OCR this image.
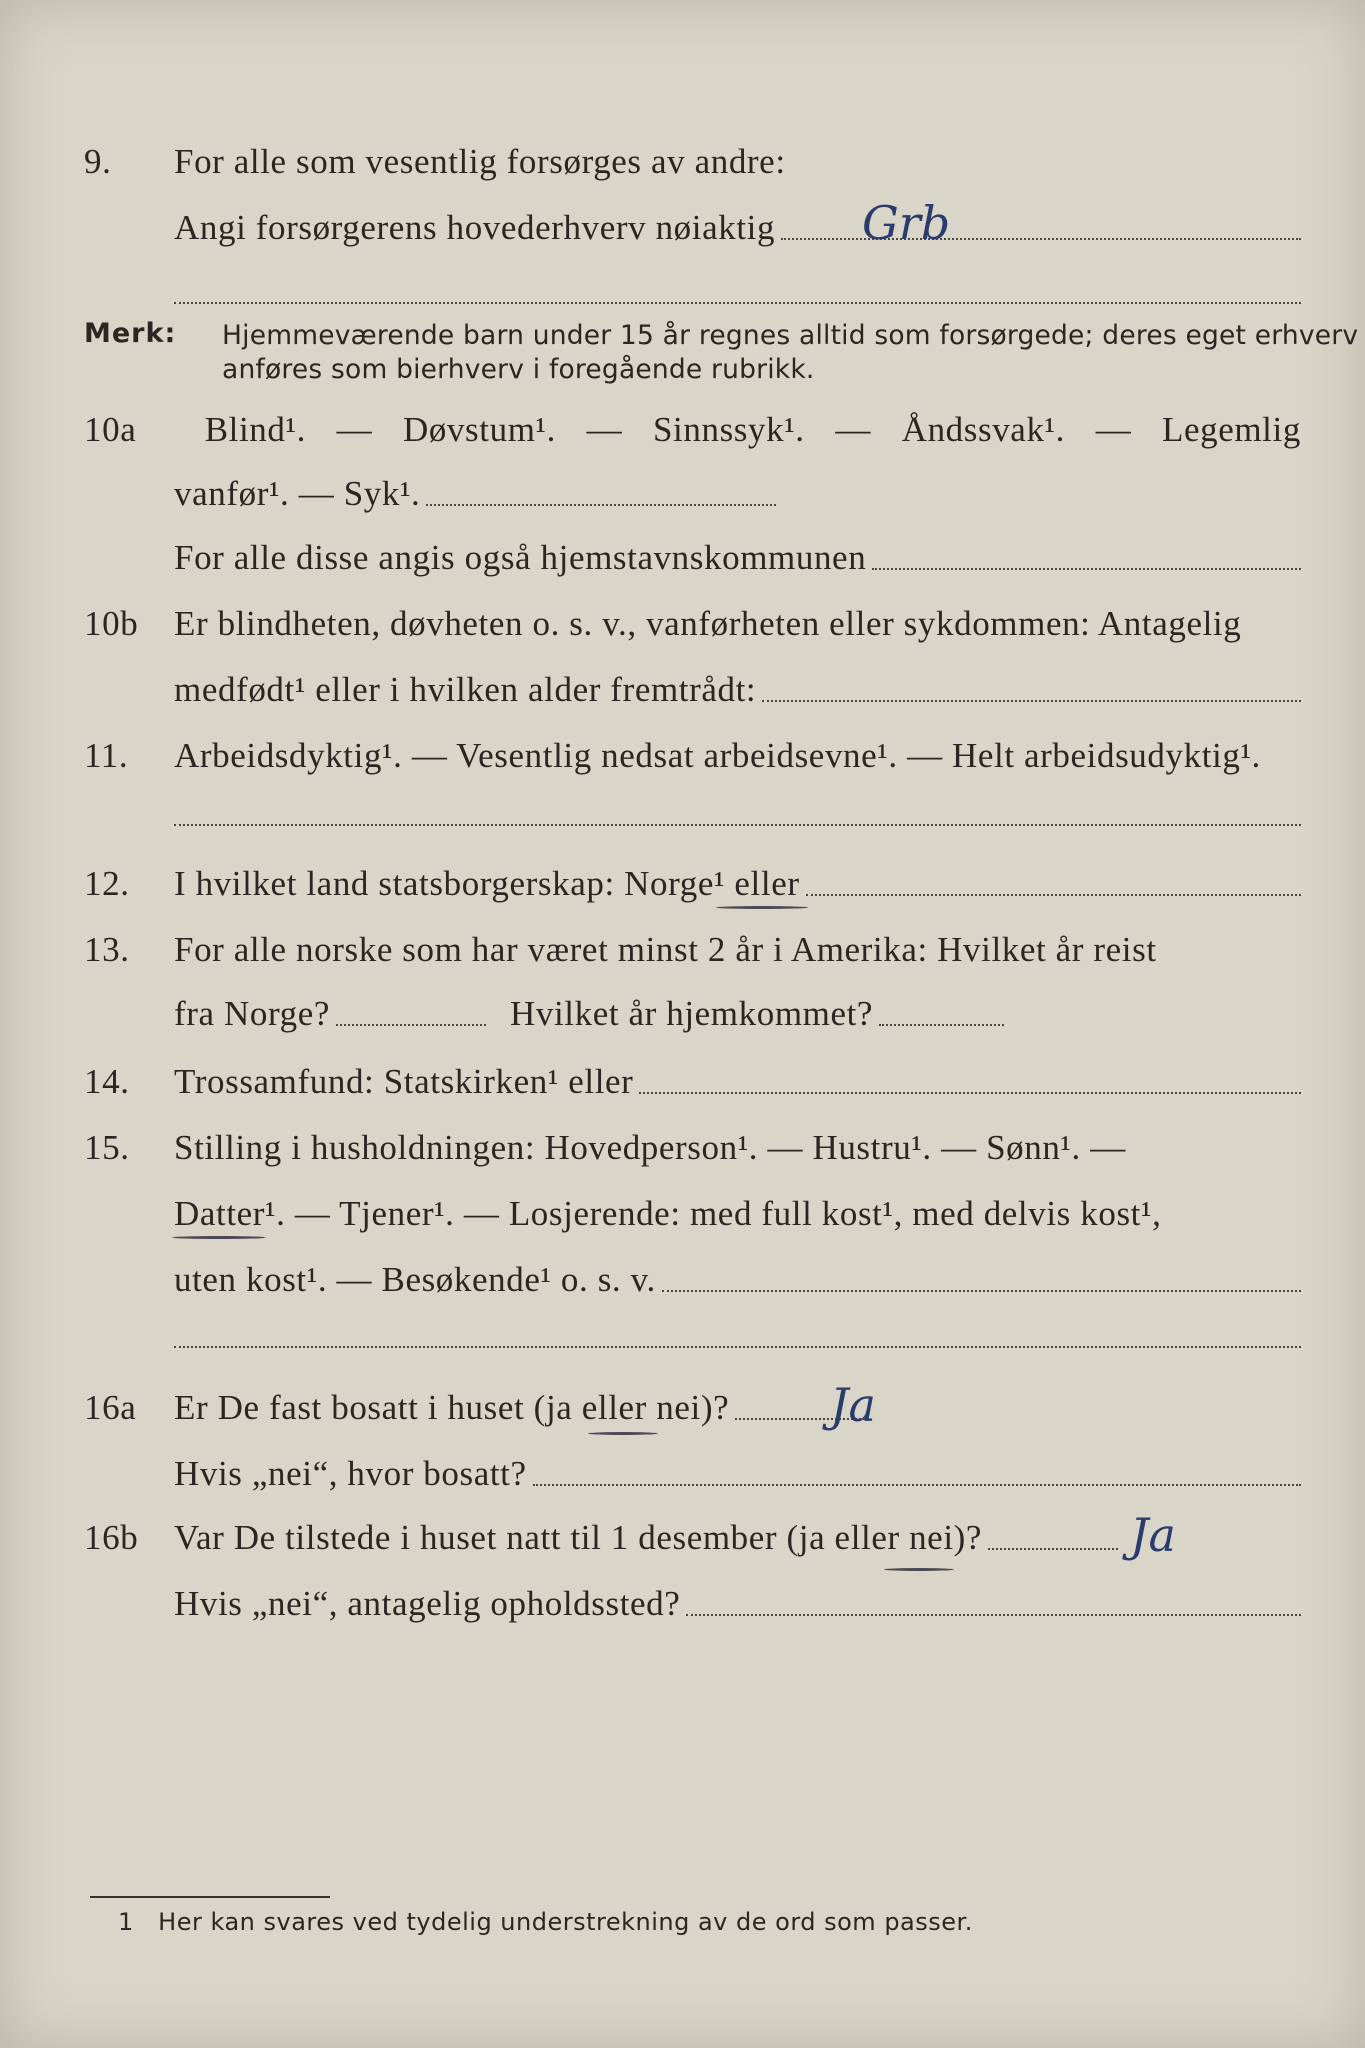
9.	For alle som vesentlig forsørges av andre:
Angi forsørgerens hovederhverv nøiaktig Grb
Merk: Hjemmeværende barn under 15 år regnes alltid som forsørgede; deres eget erhverv
anføres som bierhverv i foregående rubrikk.
10a	Blind¹. — Døvstum¹. — Sinnssyk¹. — Åndssvak¹. — Legemlig
vanfør¹. — Syk¹.
For alle disse angis også hjemstavnskommunen
10b	Er blindheten, døvheten o. s. v., vanførheten eller sykdommen: Antagelig
medfødt¹ eller i hvilken alder fremtrådt:
11.	Arbeidsdyktig¹. — Vesentlig nedsat arbeidsevne¹. — Helt arbeidsudyktig¹.
12.	I hvilket land statsborgerskap: Norge¹ eller
13.	For alle norske som har været minst 2 år i Amerika: Hvilket år reist
fra Norge?	Hvilket år hjemkommet?
14.	Trossamfund: Statskirken¹ eller
15.	Stilling i husholdningen: Hovedperson¹. — Hustru¹. — Sønn¹. —
Datter¹. — Tjener¹. — Losjerende: med full kost¹, med delvis kost¹,
uten kost¹. — Besøkende¹ o. s. v.
16a	Er De fast bosatt i huset (ja eller nei)? Ja
Hvis „nei“, hvor bosatt?
16b	Var De tilstede i huset natt til 1 desember (ja eller nei)?	Ja
Hvis „nei“, antagelig opholdssted?
1 Her kan svares ved tydelig understrekning av de ord som passer.
